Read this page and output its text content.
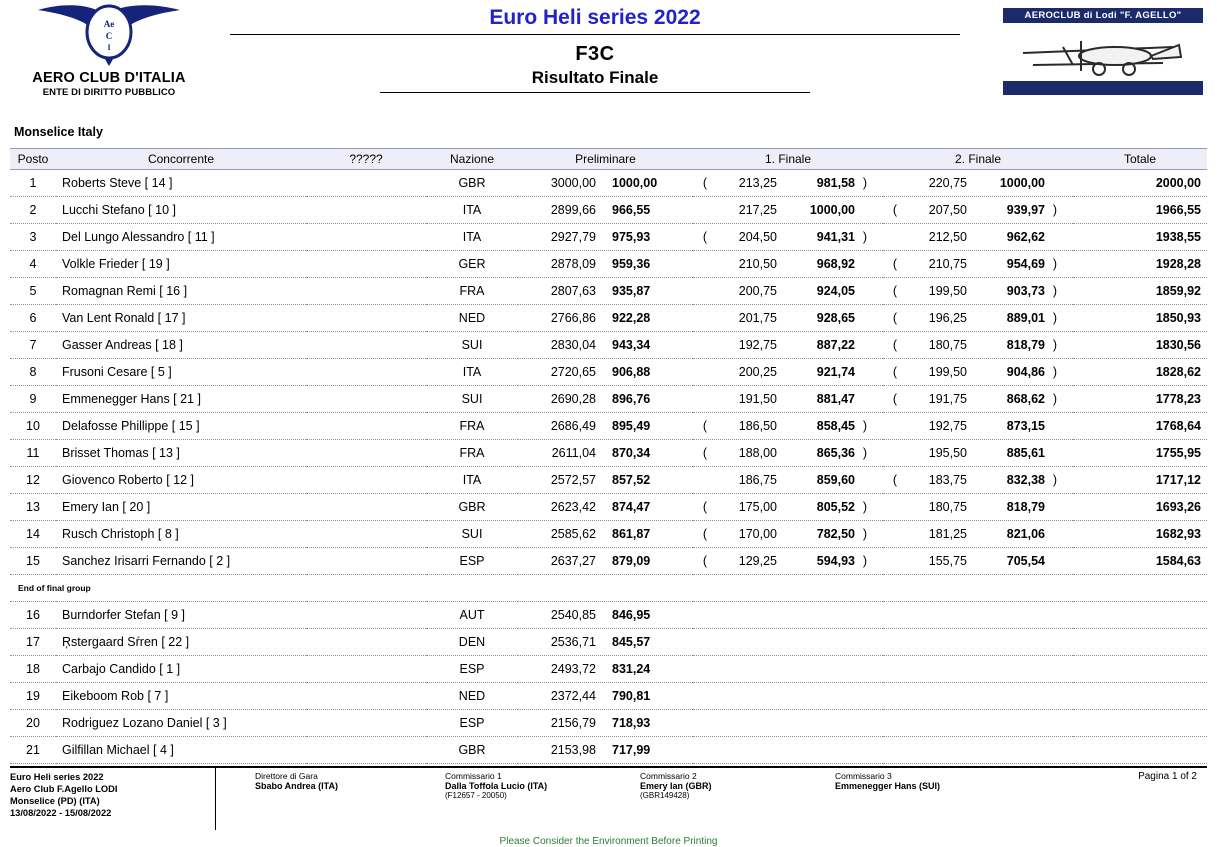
Ae
C
I
AERO CLUB D'ITALIA
ENTE DI DIRITTO PUBBLICO
Euro Heli series 2022
F3C
Risultato Finale
AEROCLUB di Lodi "F. AGELLO"
Monselice Italy
Posto	Concorrente	?????	Nazione	Preliminare	1. Finale	2. Finale	Totale
1	Roberts Steve [ 14 ]		GBR	3000,00 1000,00	( 213,25 981,58 )	220,75 1000,00	2000,00
2	Lucchi Stefano [ 10 ]		ITA	2899,66 966,55	217,25 1000,00	( 207,50 939,97 )	1966,55
3	Del Lungo Alessandro [ 11 ]		ITA	2927,79 975,93	( 204,50 941,31 )	212,50 962,62	1938,55
4	Volkle Frieder [ 19 ]		GER	2878,09 959,36	210,50 968,92	( 210,75 954,69 )	1928,28
5	Romagnan Remi [ 16 ]		FRA	2807,63 935,87	200,75 924,05	( 199,50 903,73 )	1859,92
6	Van Lent Ronald [ 17 ]		NED	2766,86 922,28	201,75 928,65	( 196,25 889,01 )	1850,93
7	Gasser Andreas [ 18 ]		SUI	2830,04 943,34	192,75 887,22	( 180,75 818,79 )	1830,56
8	Frusoni Cesare [ 5 ]		ITA	2720,65 906,88	200,25 921,74	( 199,50 904,86 )	1828,62
9	Emmenegger Hans [ 21 ]		SUI	2690,28 896,76	191,50 881,47	( 191,75 868,62 )	1778,23
10	Delafosse Phillippe [ 15 ]		FRA	2686,49 895,49	( 186,50 858,45 )	192,75 873,15	1768,64
11	Brisset Thomas [ 13 ]		FRA	2611,04 870,34	( 188,00 865,36 )	195,50 885,61	1755,95
12	Giovenco Roberto [ 12 ]		ITA	2572,57 857,52	186,75 859,60	( 183,75 832,38 )	1717,12
13	Emery Ian [ 20 ]		GBR	2623,42 874,47	( 175,00 805,52 )	180,75 818,79	1693,26
14	Rusch Christoph [ 8 ]		SUI	2585,62 861,87	( 170,00 782,50 )	181,25 821,06	1682,93
15	Sanchez Irisarri Fernando [ 2 ]		ESP	2637,27 879,09	( 129,25 594,93 )	155,75 705,54	1584,63

End of final group							

16	Burndorfer Stefan [ 9 ]		AUT	2540,85 846,95			

17	Ŗstergaard Sŕren [ 22 ]		DEN	2536,71 845,57			

18	Carbajo Candido [ 1 ]		ESP	2493,72 831,24			

19	Eikeboom Rob [ 7 ]		NED	2372,44 790,81			

20	Rodriguez Lozano Daniel [ 3 ]		ESP	2156,79 718,93			

21	Gilfillan Michael [ 4 ]		GBR	2153,98 717,99			

Euro Heli series 2022
Aero Club F.Agello LODI
Monselice (PD) (ITA)
13/08/2022 - 15/08/2022
Direttore di Gara
Sbabo Andrea (ITA)
Commissario 1
Dalla Toffola Lucio (ITA)
(F12657 - 20050)
Commissario 2
Emery Ian (GBR)
(GBR149428)
Commissario 3
Emmenegger Hans (SUI)
Pagina 1 of 2
Please Consider the Environment Before Printing
